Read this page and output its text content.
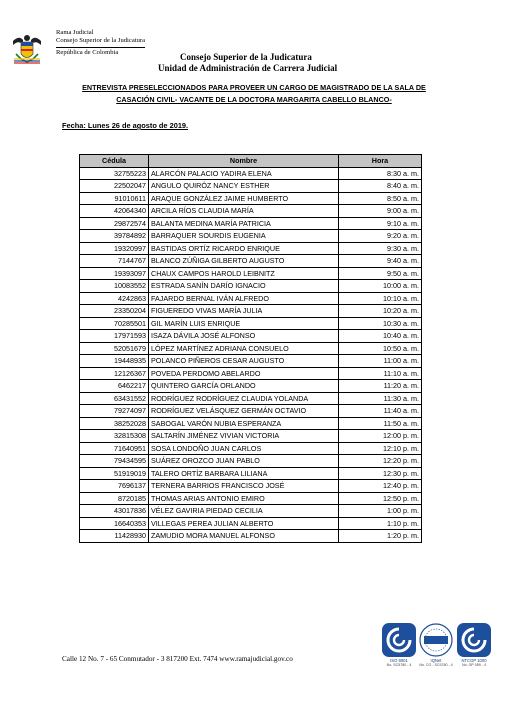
Rama Judicial
Consejo Superior de la Judicatura
República de Colombia	Consejo Superior de la Judicatura
Unidad de Administración de Carrera Judicial
ENTREVISTA PRESELECCIONADOS PARA PROVEER UN CARGO DE MAGISTRADO DE LA SALA DE
CASACIÓN CIVIL- VACANTE DE LA DOCTORA MARGARITA CABELLO BLANCO-
Fecha: Lunes 26 de agosto de 2019.
Cédula	Nombre	Hora
32755223	ALARCÓN PALACIO YADIRA ELENA	8:30 a. m.
22502047	ANGULO QUIRÓZ NANCY ESTHER	8:40 a. m.
91010611	ARAQUE GONZÁLEZ JAIME HUMBERTO	8:50 a. m.
42064340	ARCILA RÍOS CLAUDIA MARÍA	9:00 a. m.
29872574	BALANTA MEDINA MARÍA PATRICIA	9:10 a. m.
39784892	BARRAQUER SOURDIS EUGENIA	9:20 a. m.
19320997	BASTIDAS ORTÍZ RICARDO ENRIQUE	9:30 a. m.
7144767	BLANCO ZÚÑIGA GILBERTO AUGUSTO	9:40 a. m.
19393097	CHAUX CAMPOS HAROLD LEIBNITZ	9:50 a. m.
10083552	ESTRADA SANÍN DARÍO IGNACIO	10:00 a. m.
4242863	FAJARDO BERNAL IVÁN ALFREDO	10:10 a. m.
23350204	FIGUEREDO VIVAS MARÍA JULIA	10:20 a. m.
70285501	GIL MARÍN LUIS ENRIQUE	10:30 a. m.
17971593	ISAZA DÁVILA JOSÉ ALFONSO	10:40 a. m.
52051679	LÓPEZ MARTÍNEZ ADRIANA CONSUELO	10:50 a. m.
19448935	POLANCO PIÑEROS CESAR AUGUSTO	11:00 a. m.
12126367	POVEDA PERDOMO ABELARDO	11:10 a. m.
6462217	QUINTERO GARCÍA ORLANDO	11:20 a. m.
63431552	RODRÍGUEZ RODRÍGUEZ CLAUDIA YOLANDA	11:30 a. m.
79274097	RODRÍGUEZ VELÁSQUEZ GERMÁN OCTAVIO	11:40 a. m.
38252028	SABOGAL VARÓN NUBIA ESPERANZA	11:50 a. m.
32815308	SALTARÍN JIMÉNEZ VIVIAN VICTORIA	12:00 p. m.
71640951	SOSA LONDOÑO JUAN CARLOS	12:10 p. m.
79434595	SUÁREZ OROZCO JUAN PABLO	12:20 p. m.
51919019	TALERO ORTÍZ BARBARA LILIANA	12:30 p. m.
7696137	TERNERA BARRIOS FRANCISCO JOSÉ	12:40 p. m.
8720185	THOMAS ARIAS ANTONIO EMIRO	12:50 p. m.
43017836	VÉLEZ GAVIRIA PIEDAD CECILIA	1:00 p. m.
16640353	VILLEGAS PEREA JULIAN ALBERTO	1:10 p. m.
11428930	ZAMUDIO MORA MANUEL ALFONSO	1:20 p. m.
Calle 12 No. 7 - 65 Conmutador - 3 817200 Ext. 7474 www.ramajudicial.gov.co	ISO 9001
No. SC5780 - 4
IQNet
No. CO - SC5780 - 4
NTCGP 1000
No. GP 059 - 4
